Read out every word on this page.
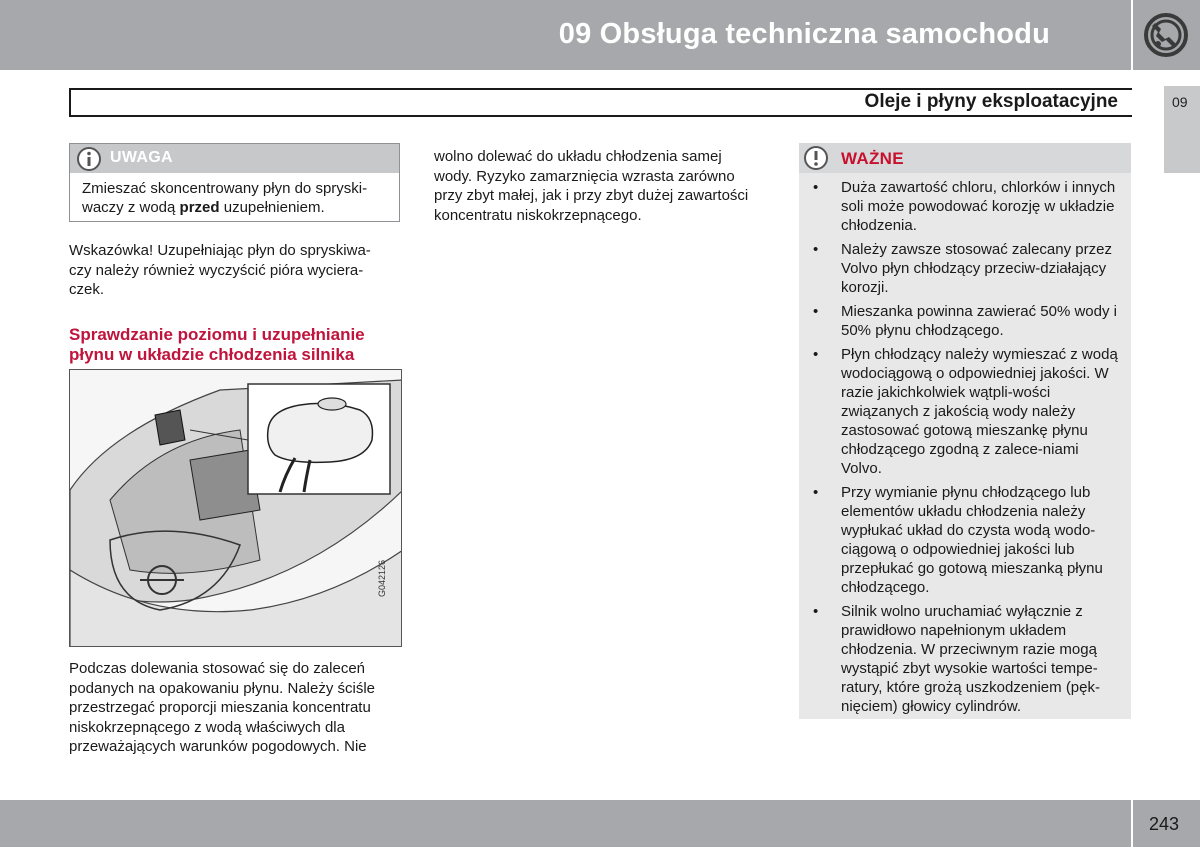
09 Obsługa techniczna samochodu
Oleje i płyny eksploatacyjne	09
UWAGA
Zmieszać skoncentrowany płyn do spryski-waczy z wodą przed uzupełnieniem.
Wskazówka! Uzupełniając płyn do spryskiwa-
czy należy również wyczyścić pióra wyciera-
czek.
Sprawdzanie poziomu i uzupełnianie
płynu w układzie chłodzenia silnika
G042126
Podczas dolewania stosować się do zaleceń
podanych na opakowaniu płynu. Należy ściśle
przestrzegać proporcji mieszania koncentratu
niskokrzepnącego z wodą właściwych dla
przeważających warunków pogodowych. Nie
wolno dolewać do układu chłodzenia samej
wody. Ryzyko zamarznięcia wzrasta zarówno
przy zbyt małej, jak i przy zbyt dużej zawartości
koncentratu niskokrzepnącego.
WAŻNE
• Duża zawartość chloru, chlorków i innych soli może powodować korozję w układzie chłodzenia.
• Należy zawsze stosować zalecany przez Volvo płyn chłodzący przeciw-działający korozji.
• Mieszanka powinna zawierać 50% wody i 50% płynu chłodzącego.
• Płyn chłodzący należy wymieszać z wodą wodociągową o odpowiedniej jakości. W razie jakichkolwiek wątpli-wości związanych z jakością wody należy zastosować gotową mieszankę płynu chłodzącego zgodną z zalece-niami Volvo.
• Przy wymianie płynu chłodzącego lub elementów układu chłodzenia należy wypłukać układ do czysta wodą wodo-ciągową o odpowiedniej jakości lub przepłukać go gotową mieszanką płynu chłodzącego.
• Silnik wolno uruchamiać wyłącznie z prawidłowo napełnionym układem chłodzenia. W przeciwnym razie mogą wystąpić zbyt wysokie wartości tempe-ratury, które grożą uszkodzeniem (pęk-nięciem) głowicy cylindrów.
243
